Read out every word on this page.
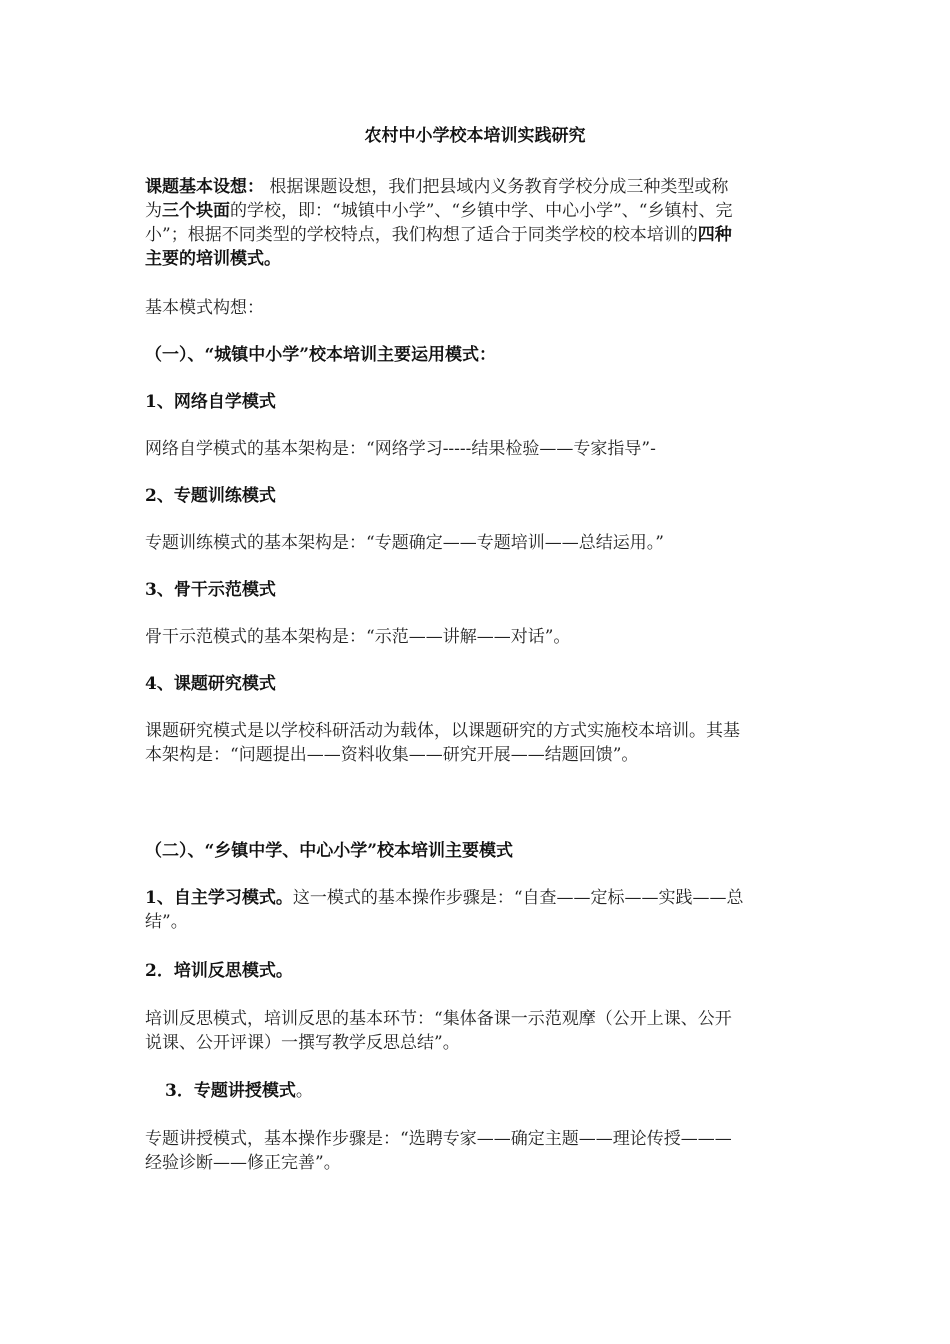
农村中小学校本培训实践研究

课题基本设想： 根据课题设想，我们把县域内义务教育学校分成三种类型或称

为三个块面的学校，即：“城镇中小学”、“乡镇中学、中心小学”、“乡镇村、完

小”；根据不同类型的学校特点，我们构想了适合于同类学校的校本培训的四种

主要的培训模式。

基本模式构想：

（一）、“城镇中小学”校本培训主要运用模式：

1、网络自学模式

网络自学模式的基本架构是：“网络学习-----结果检验——专家指导”-

2、专题训练模式

专题训练模式的基本架构是：“专题确定——专题培训——总结运用。”

3、骨干示范模式

骨干示范模式的基本架构是：“示范——讲解——对话”。

4、课题研究模式

课题研究模式是以学校科研活动为载体，以课题研究的方式实施校本培训。其基

本架构是：“问题提出——资料收集——研究开展——结题回馈”。

（二）、“乡镇中学、中心小学”校本培训主要模式

1、自主学习模式。这一模式的基本操作步骤是：“自查——定标——实践——总

结”。

2．培训反思模式。

培训反思模式，培训反思的基本环节：“集体备课一示范观摩（公开上课、公开

说课、公开评课）一撰写教学反思总结”。

3．专题讲授模式。

专题讲授模式，基本操作步骤是：“选聘专家——确定主题——理论传授———

经验诊断——修正完善”。
